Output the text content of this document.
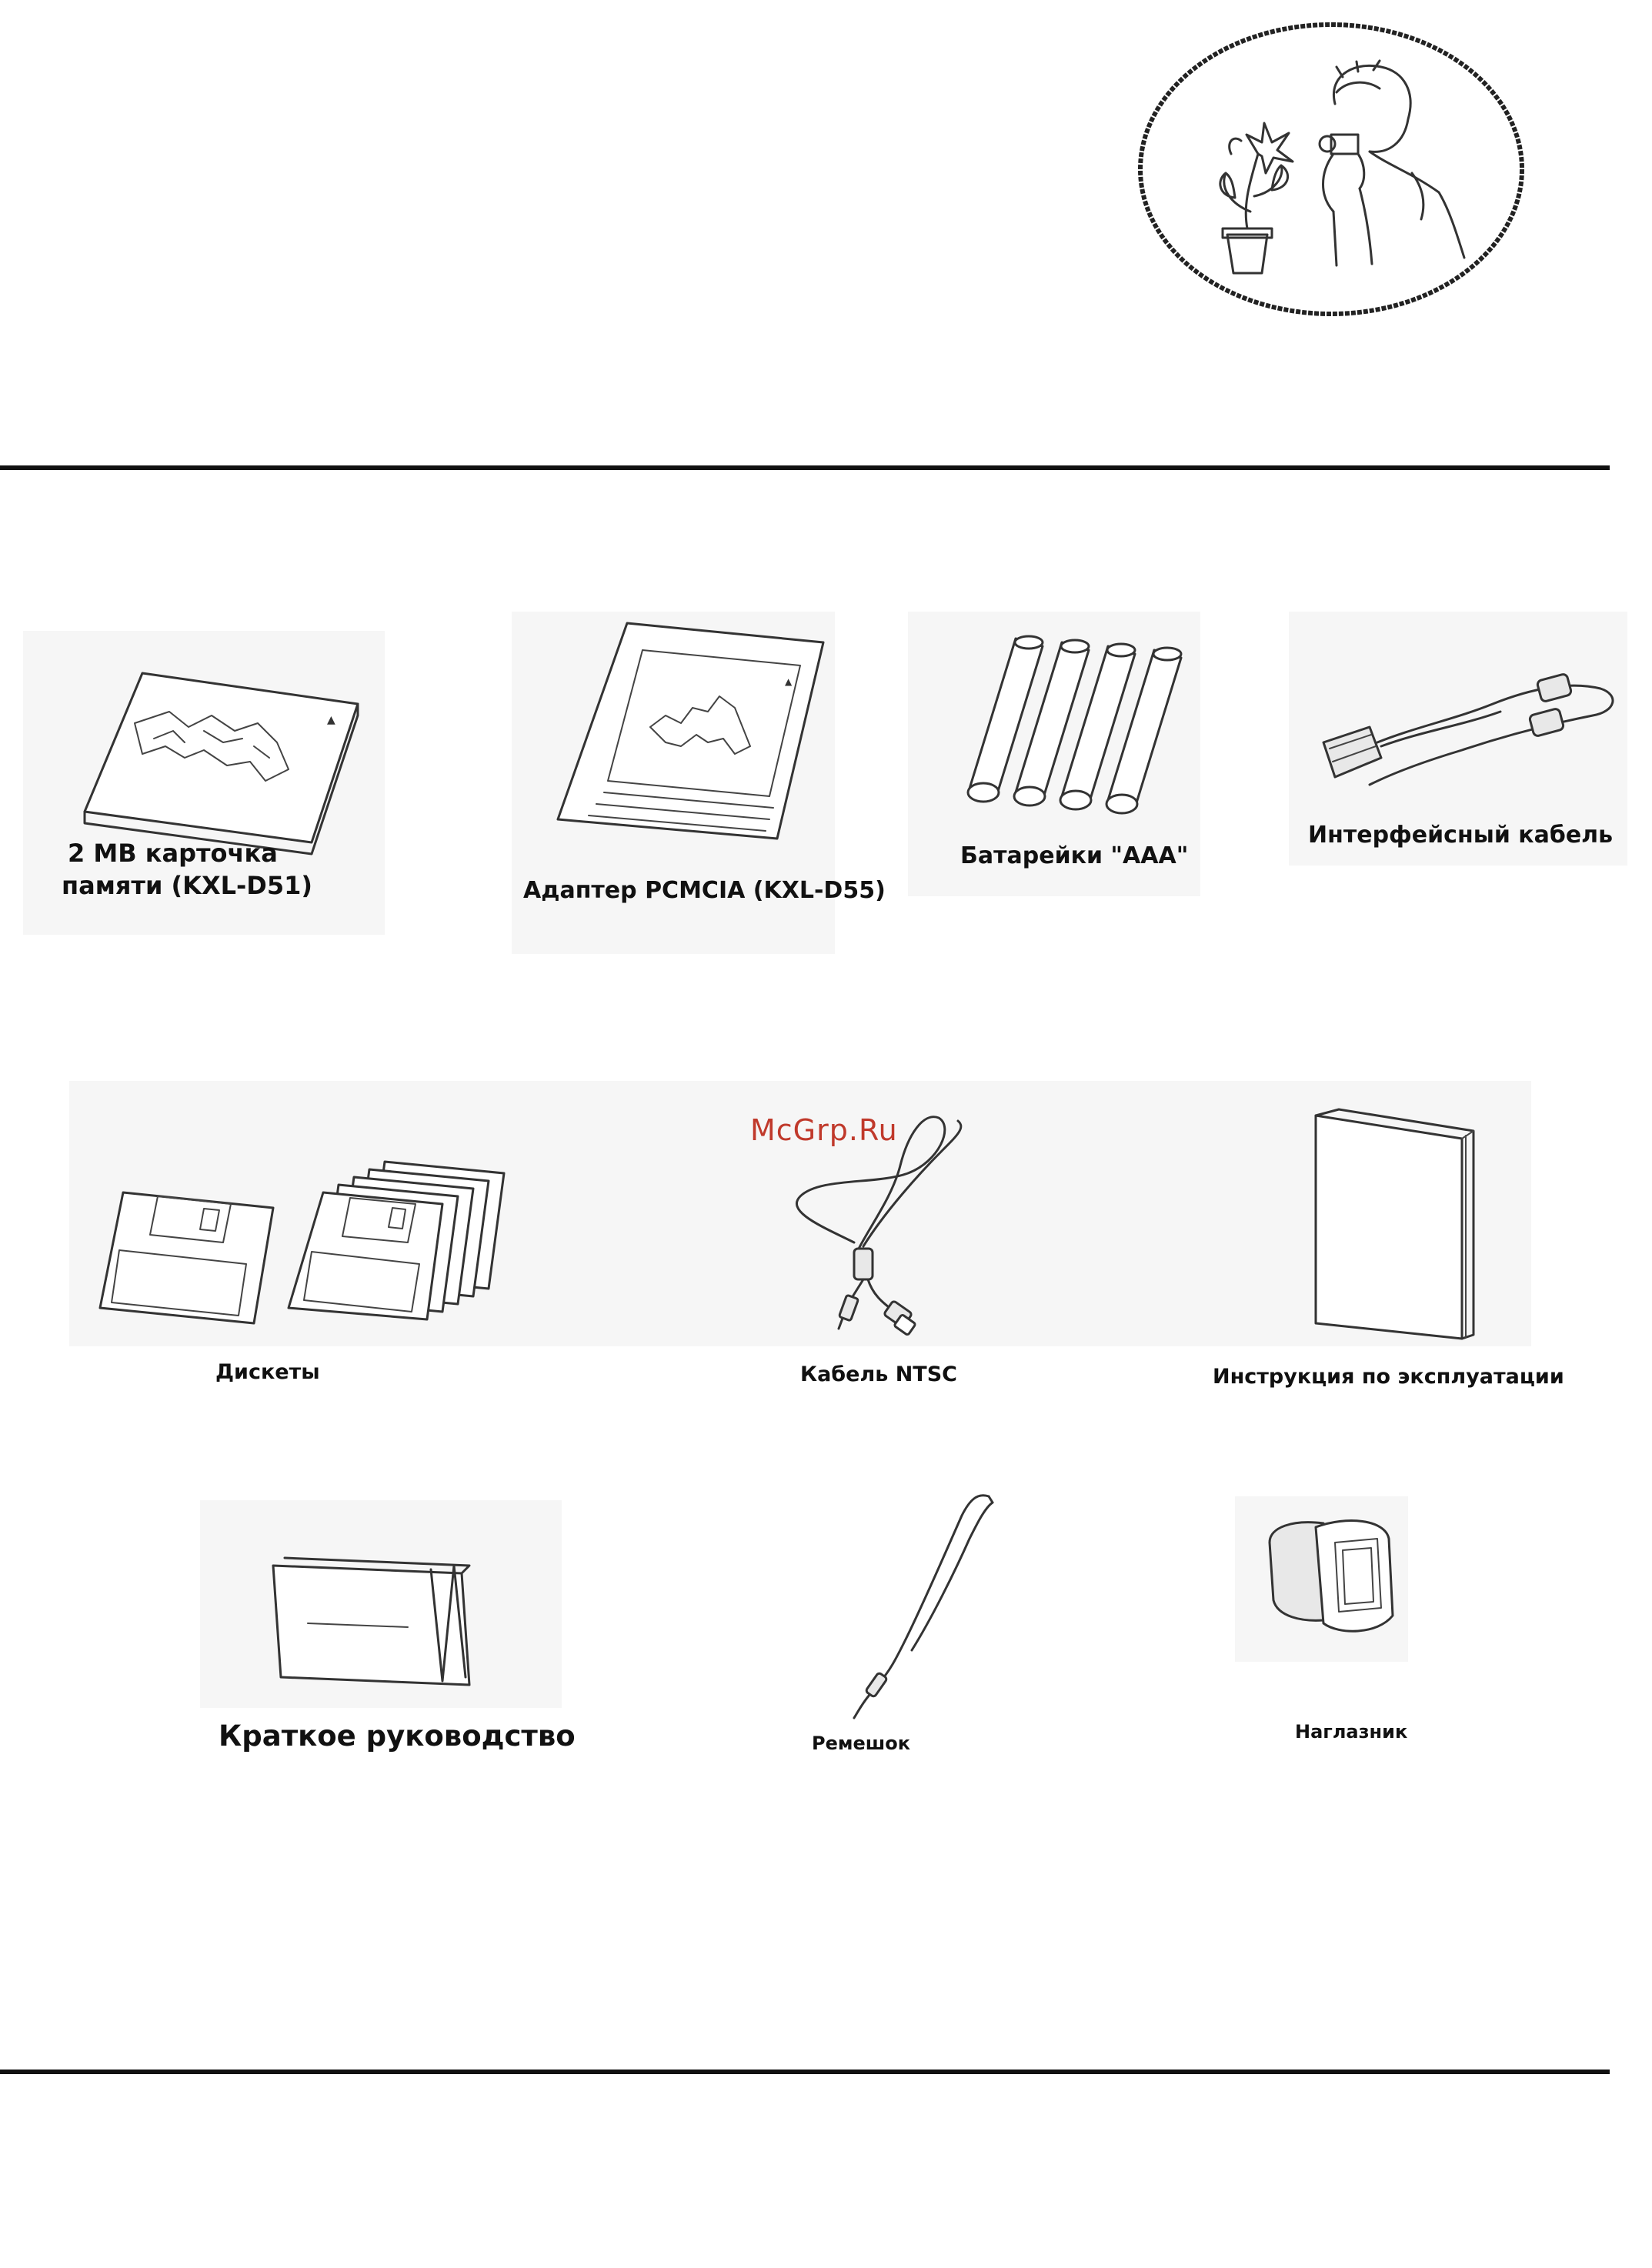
▲
2 MB карточка
памяти (KXL-D51)
▲
Адаптер PCMCIA (KXL-D55)
Батарейки "AAA"
Интерфейсный кабель
Дискеты
McGrp.Ru
Кабель NTSC	Инструкция по эксплуатации
Краткое руководство	Ремешок
Наглазник
